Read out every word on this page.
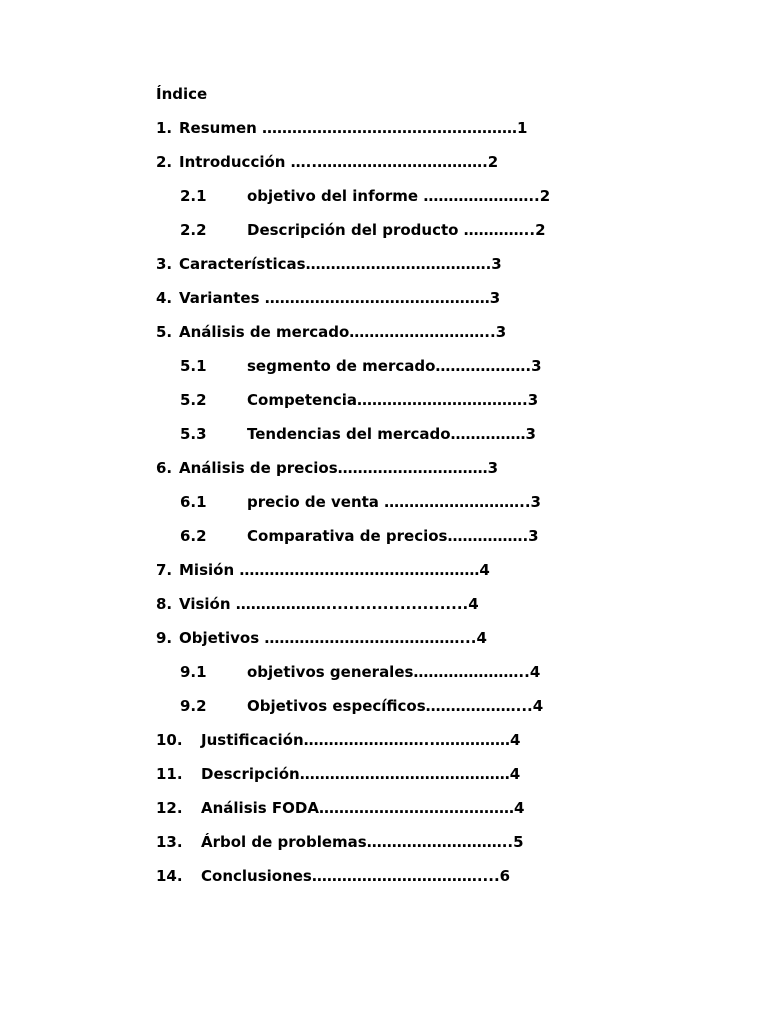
Índice
1. Resumen ……………………………………………1
2. Introducción …..…………………………….2
2.1	objetivo del informe …………………..2
2.2	Descripción del producto …………..2
3. Características……………………………….3
4. Variantes ………………………………………3
5. Análisis de mercado………………………..3
5.1	segmento de mercado……………….3
5.2	Competencia…………………………….3
5.3	Tendencias del mercado……………3
6. Análisis de precios…………………………3
6.1	precio de venta ………………………..3
6.2	Comparativa de precios…………….3
7. Misión …………………………………………4
8. Visión ……………….........................4
9. Objetivos …………………………………...4
9.1	objetivos generales…………………..4
9.2	Objetivos específicos………………...4
10.	Justificación……………………..……………4
11.	Descripción……………………………………4
12.	Análisis FODA…………………………………4
13.	Árbol de problemas………………………..5
14.	Conclusiones……………………………....6
